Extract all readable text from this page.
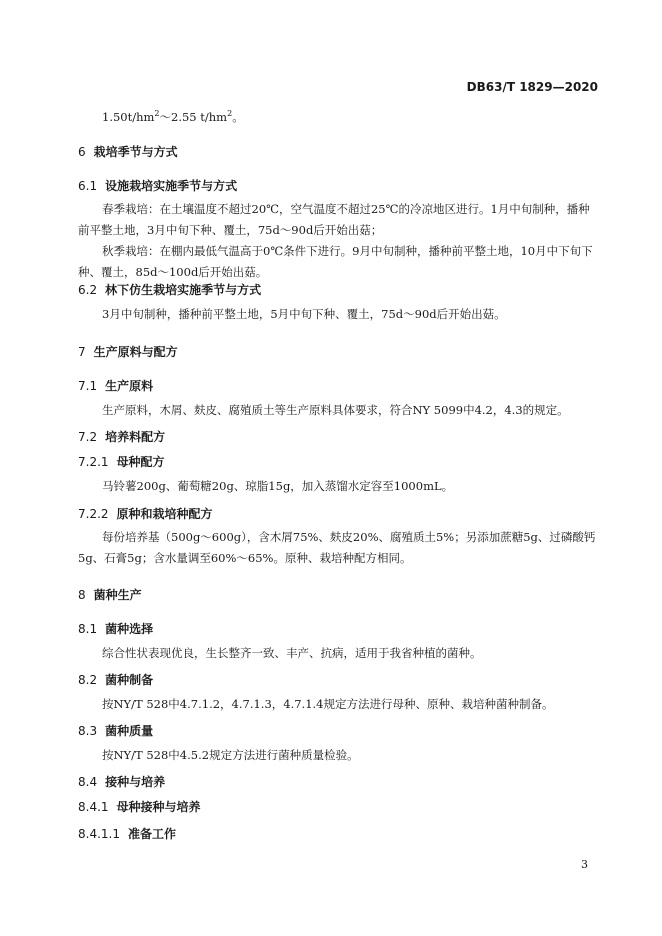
DB63/T 1829—2020

$1.50t/hm^2\sim 2.55$ $t/hm^2$。

6 栽培季节与方式

6.1 设施栽培实施季节与方式

春季栽培：在土壤温度不超过20℃，空气温度不超过25℃的冷凉地区进行。1月中旬制种，播种前平整土地，3月中旬下种、覆土，75d～90d后开始出菇；

秋季栽培：在棚内最低气温高于0℃条件下进行。9月中旬制种，播种前平整土地，10月中下旬下种、覆土，85d～100d后开始出菇。

6.2 林下仿生栽培实施季节与方式

3月中旬制种，播种前平整土地，5月中旬下种、覆土，75d～90d后开始出菇。

7 生产原料与配方

7.1 生产原料

生产原料，木屑、麸皮、腐殖质土等生产原料具体要求，符合NY 5099中4.2，4.3的规定。

7.2 培养料配方

7.2.1 母种配方

马铃薯200g、葡萄糖20g、琼脂15g，加入蒸馏水定容至1000mL。

7.2.2 原种和栽培种配方

每份培养基（500g～600g），含木屑75%、麸皮20%、腐殖质土5%；另添加蔗糖5g、过磷酸钙5g、石膏5g；含水量调至60%～65%。原种、栽培种配方相同。

8 菌种生产

8.1 菌种选择

综合性状表现优良，生长整齐一致、丰产、抗病，适用于我省种植的菌种。

8.2 菌种制备

按NY/T 528中4.7.1.2，4.7.1.3，4.7.1.4规定方法进行母种、原种、栽培种菌种制备。

8.3 菌种质量

按NY/T 528中4.5.2规定方法进行菌种质量检验。

8.4 接种与培养

8.4.1 母种接种与培养

8.4.1.1 准备工作

3
